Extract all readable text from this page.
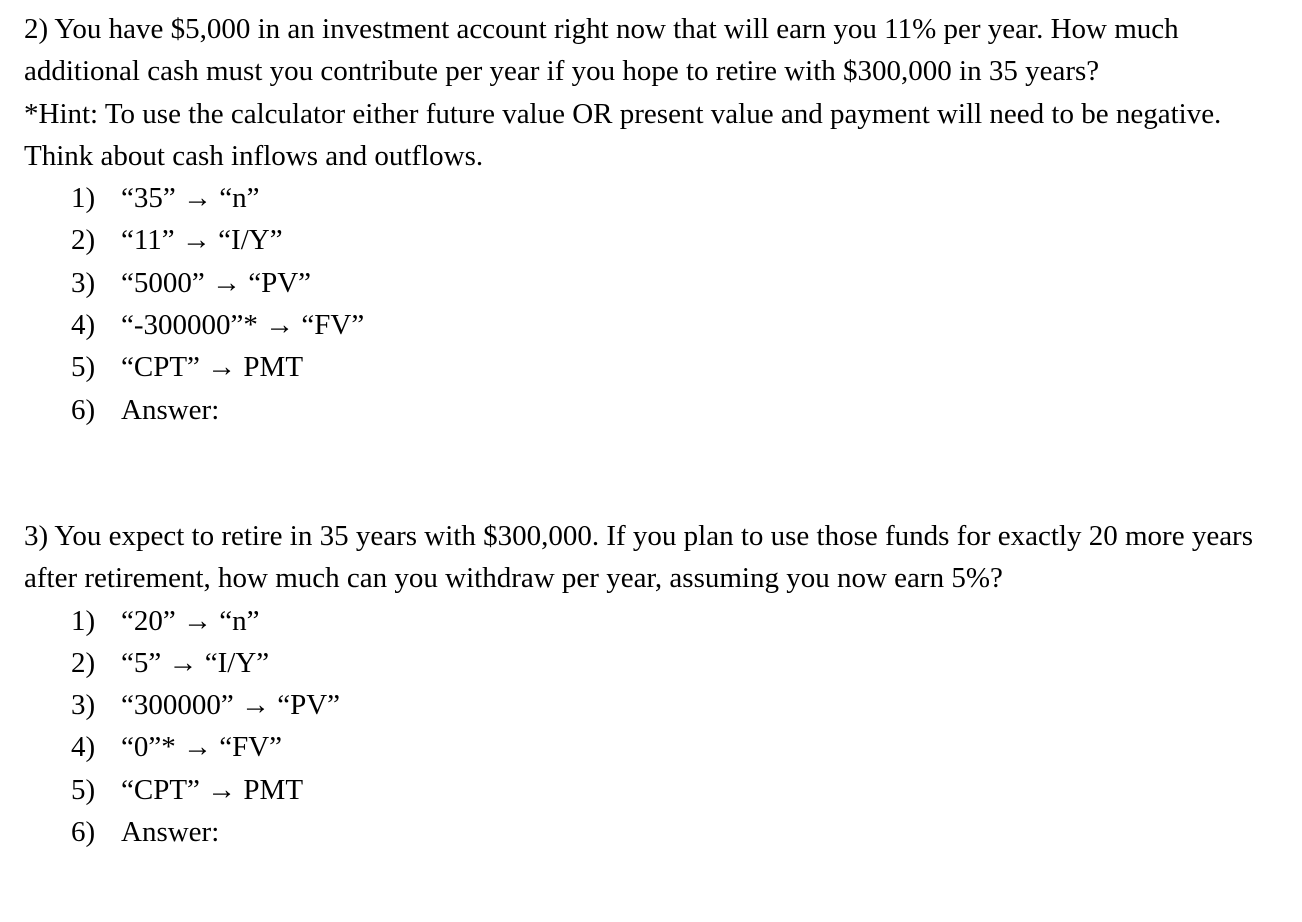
2) You have $5,000 in an investment account right now that will earn you 11% per year. How much additional cash must you contribute per year if you hope to retire with $300,000 in 35 years?

*Hint: To use the calculator either future value OR present value and payment will need to be negative. Think about cash inflows and outflows.

1) “35” → “n”
2) “11” → “I/Y”
3) “5000” → “PV”
4) “-300000”* → “FV”
5) “CPT” → PMT
6) Answer:

3) You expect to retire in 35 years with $300,000. If you plan to use those funds for exactly 20 more years after retirement, how much can you withdraw per year, assuming you now earn 5%?

1) “20” → “n”
2) “5” → “I/Y”
3) “300000” → “PV”
4) “0”* → “FV”
5) “CPT” → PMT
6) Answer:
